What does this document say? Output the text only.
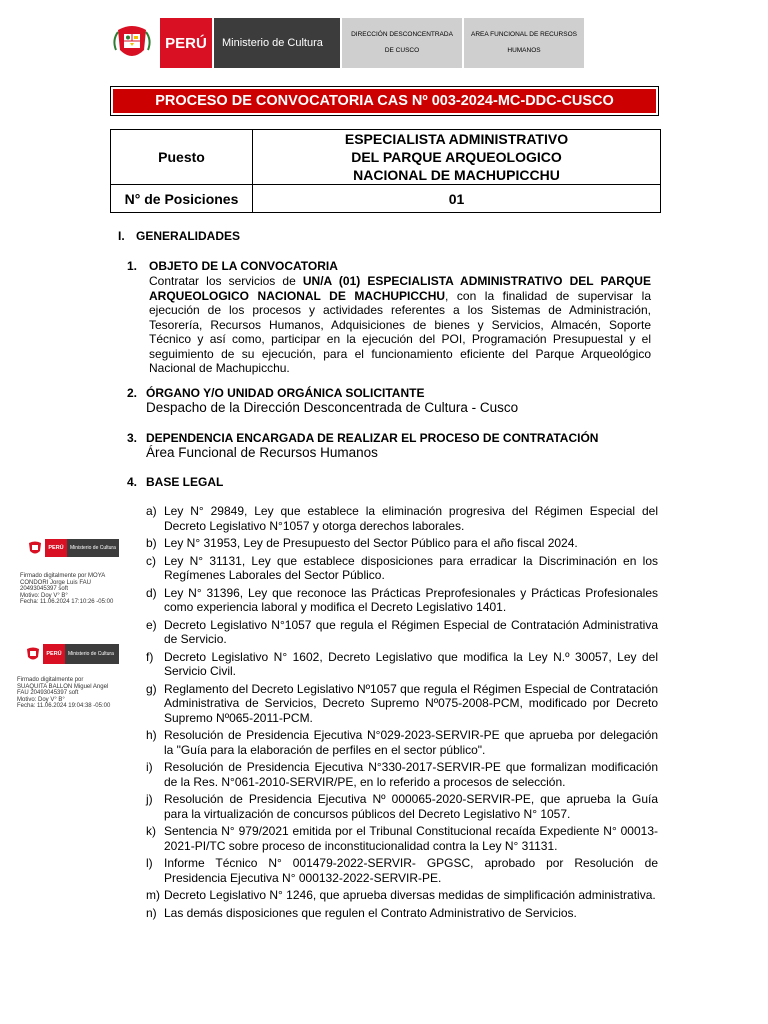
PERÚ	Ministerio de Cultura
DIRECCIÓN DESCONCENTRADA DE CUSCO
AREA FUNCIONAL DE RECURSOS HUMANOS
PROCESO DE CONVOCATORIA CAS Nº 003-2024-MC-DDC-CUSCO
Puesto	ESPECIALISTA ADMINISTRATIVO
DEL PARQUE ARQUEOLOGICO
NACIONAL DE MACHUPICCHU

N° de Posiciones	01
I. GENERALIDADES
1. OBJETO DE LA CONVOCATORIA
Contratar los servicios de UN/A (01) ESPECIALISTA ADMINISTRATIVO DEL PARQUE ARQUEOLOGICO NACIONAL DE MACHUPICCHU, con la finalidad de supervisar la ejecución de los procesos y actividades referentes a los Sistemas de Administración, Tesorería, Recursos Humanos, Adquisiciones de bienes y Servicios, Almacén, Soporte Técnico y así como, participar en la ejecución del POI, Programación Presupuestal y el seguimiento de su ejecución, para el funcionamiento eficiente del Parque Arqueológico Nacional de Machupicchu.
2. ÓRGANO Y/O UNIDAD ORGÁNICA SOLICITANTE
Despacho de la Dirección Desconcentrada de Cultura - Cusco
3. DEPENDENCIA ENCARGADA DE REALIZAR EL PROCESO DE CONTRATACIÓN
Área Funcional de Recursos Humanos
4. BASE LEGAL
a) Ley N° 29849, Ley que establece la eliminación progresiva del Régimen Especial del Decreto Legislativo N°1057 y otorga derechos laborales.
b) Ley N° 31953, Ley de Presupuesto del Sector Público para el año fiscal 2024.
c) Ley N° 31131, Ley que establece disposiciones para erradicar la Discriminación en los Regímenes Laborales del Sector Público.
d) Ley N° 31396, Ley que reconoce las Prácticas Preprofesionales y Prácticas Profesionales como experiencia laboral y modifica el Decreto Legislativo 1401.
e) Decreto Legislativo N°1057 que regula el Régimen Especial de Contratación Administrativa de Servicio.
f) Decreto Legislativo N° 1602, Decreto Legislativo que modifica la Ley N.º 30057, Ley del Servicio Civil.
g) Reglamento del Decreto Legislativo Nº1057 que regula el Régimen Especial de Contratación Administrativa de Servicios, Decreto Supremo Nº075-2008-PCM, modificado por Decreto Supremo Nº065-2011-PCM.
h) Resolución de Presidencia Ejecutiva N°029-2023-SERVIR-PE que aprueba por delegación la "Guía para la elaboración de perfiles en el sector público".
i) Resolución de Presidencia Ejecutiva N°330-2017-SERVIR-PE que formalizan modificación de la Res. N°061-2010-SERVIR/PE, en lo referido a procesos de selección.
j) Resolución de Presidencia Ejecutiva Nº 000065-2020-SERVIR-PE, que aprueba la Guía para la virtualización de concursos públicos del Decreto Legislativo N° 1057.
k) Sentencia N° 979/2021 emitida por el Tribunal Constitucional recaída Expediente N° 00013-2021-PI/TC sobre proceso de inconstitucionalidad contra la Ley N° 31131.
l) Informe Técnico N° 001479-2022-SERVIR- GPGSC, aprobado por Resolución de Presidencia Ejecutiva N° 000132-2022-SERVIR-PE.
m) Decreto Legislativo N° 1246, que aprueba diversas medidas de simplificación administrativa.
n) Las demás disposiciones que regulen el Contrato Administrativo de Servicios.
PERÚ	Ministerio de Cultura
Firmado digitalmente por MOYA
CONDORI Jorge Luis FAU
20493045397 soft
Motivo: Doy V° B°
Fecha: 11.06.2024 17:10:26 -05:00
PERÚ	Ministerio de Cultura
Firmado digitalmente por
SUAQUITA BALLON Miguel Angel
FAU 20493045397 soft
Motivo: Doy V° B°
Fecha: 11.06.2024 19:04:38 -05:00
